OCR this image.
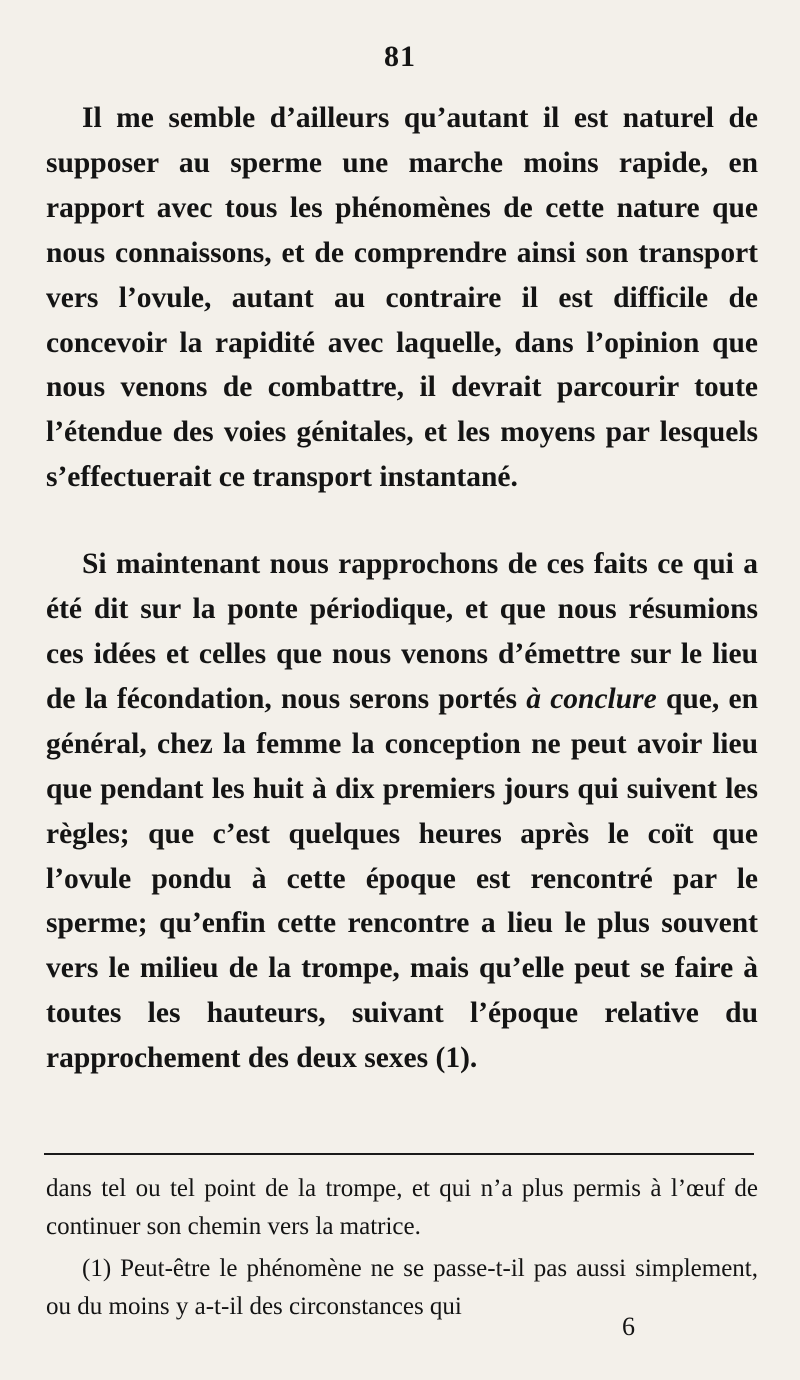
81

Il me semble d’ailleurs qu’autant il est naturel de supposer au sperme une marche moins rapide, en rapport avec tous les phénomènes de cette nature que nous connaissons, et de comprendre ainsi son transport vers l’ovule, autant au contraire il est difficile de concevoir la rapidité avec laquelle, dans l’opinion que nous venons de combattre, il devrait parcourir toute l’étendue des voies génitales, et les moyens par lesquels s’effectuerait ce transport instantané.

Si maintenant nous rapprochons de ces faits ce qui a été dit sur la ponte périodique, et que nous résumions ces idées et celles que nous venons d’émettre sur le lieu de la fécondation, nous serons portés à conclure que, en général, chez la femme la conception ne peut avoir lieu que pendant les huit à dix premiers jours qui suivent les règles; que c’est quelques heures après le coït que l’ovule pondu à cette époque est rencontré par le sperme; qu’enfin cette rencontre a lieu le plus souvent vers le milieu de la trompe, mais qu’elle peut se faire à toutes les hauteurs, suivant l’époque relative du rapprochement des deux sexes (1).

dans tel ou tel point de la trompe, et qui n’a plus permis à l’œuf de continuer son chemin vers la matrice.

(1) Peut-être le phénomène ne se passe-t-il pas aussi simplement, ou du moins y a-t-il des circonstances qui

6
